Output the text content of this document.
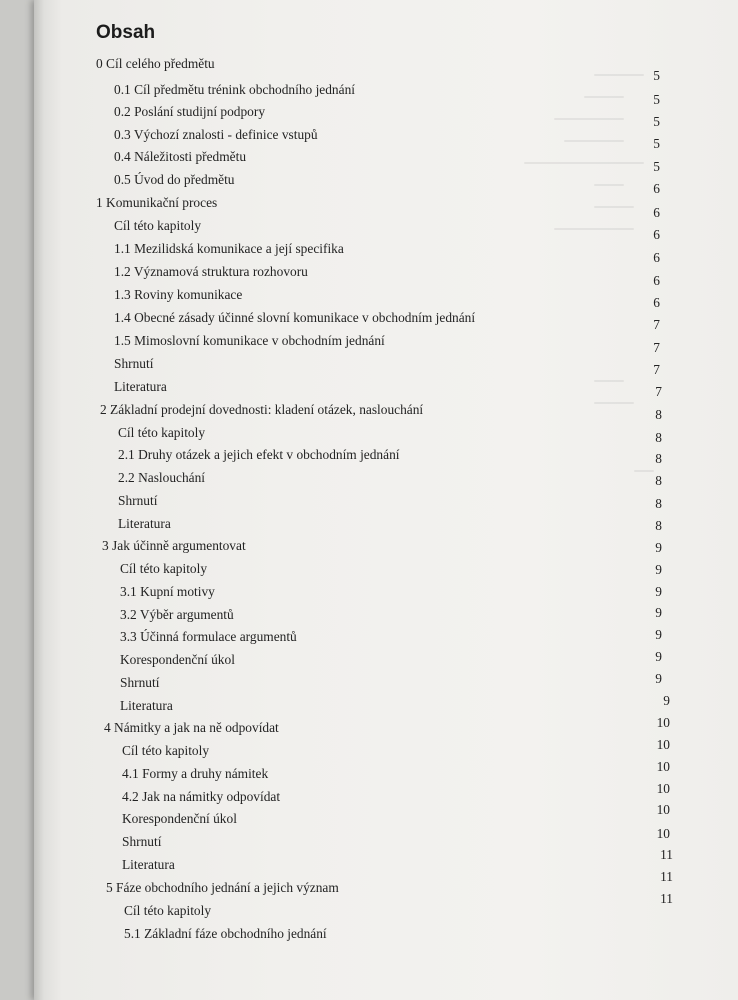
Obsah
0 Cíl celého předmětu
0.1 Cíl předmětu trénink obchodního jednání
5
0.2 Poslání studijní podpory
5
0.3 Výchozí znalosti - definice vstupů
5
0.4 Náležitosti předmětu
5
0.5 Úvod do předmětu
5
1 Komunikační proces
6
Cíl této kapitoly
6
1.1 Mezilidská komunikace a její specifika
6
1.2 Významová struktura rozhovoru
6
1.3 Roviny komunikace
6
1.4 Obecné zásady účinné slovní komunikace v obchodním jednání
6
1.5 Mimoslovní komunikace v obchodním jednání
7
Shrnutí
7
Literatura
7
2 Základní prodejní dovednosti: kladení otázek, naslouchání
7
Cíl této kapitoly
8
2.1 Druhy otázek a jejich efekt v obchodním jednání
8
2.2 Naslouchání
8
Shrnutí
8
Literatura
8
3 Jak účinně argumentovat
8
Cíl této kapitoly
9
3.1 Kupní motivy
9
3.2 Výběr argumentů
9
3.3 Účinná formulace argumentů
9
Korespondenční úkol
9
Shrnutí
9
Literatura
9
4 Námitky a jak na ně odpovídat
9
Cíl této kapitoly
10
4.1 Formy a druhy námitek
10
4.2 Jak na námitky odpovídat
10
Korespondenční úkol
10
Shrnutí
10
Literatura
10
5 Fáze obchodního jednání a jejich význam
11
Cíl této kapitoly
11
5.1 Základní fáze obchodního jednání
11
